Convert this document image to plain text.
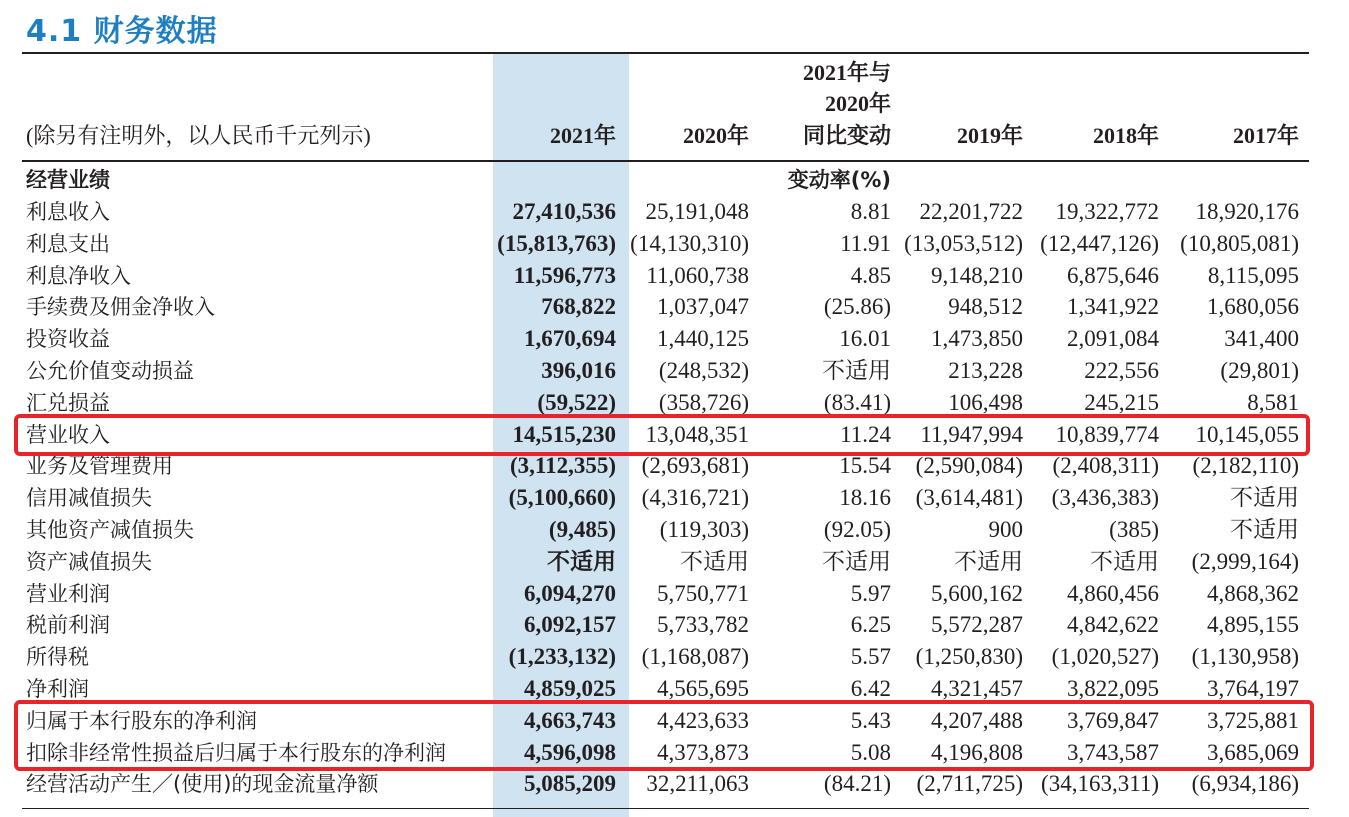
4.1 财务数据
(除另有注明外，以人民币千元列示)	2021年	2020年
2021年与
2020年
同比变动	2019年	2018年	2017年
经营业绩	变动率(%)
利息收入	27,410,536 25,191,048	8.81 22,201,722 19,322,772 18,920,176
利息支出	(15,813,763) (14,130,310)	11.91 (13,053,512) (12,447,126) (10,805,081)
利息净收入	11,596,773 11,060,738	4.85 9,148,210 6,875,646 8,115,095
手续费及佣金净收入	768,822 1,037,047	(25.86) 948,512 1,341,922 1,680,056
投资收益	1,670,694 1,440,125	16.01 1,473,850 2,091,084	341,400
公允价值变动损益	396,016 (248,532)	不适用 213,228	222,556	(29,801)
汇兑损益	(59,522) (358,726)	(83.41) 106,498	245,215	8,581
营业收入	14,515,230 13,048,351	11.24 11,947,994 10,839,774 10,145,055
业务及管理费用	(3,112,355) (2,693,681)	15.54 (2,590,084) (2,408,311) (2,182,110)
信用减值损失	(5,100,660) (4,316,721)	18.16 (3,614,481) (3,436,383)	不适用
其他资产减值损失	(9,485) (119,303)	(92.05)	900	(385)	不适用
资产减值损失	不适用	不适用	不适用	不适用	不适用 (2,999,164)
营业利润	6,094,270 5,750,771	5.97 5,600,162 4,860,456 4,868,362
税前利润	6,092,157 5,733,782	6.25 5,572,287 4,842,622 4,895,155
所得税	(1,233,132) (1,168,087)	5.57 (1,250,830) (1,020,527) (1,130,958)
净利润	4,859,025 4,565,695	6.42 4,321,457 3,822,095 3,764,197
归属于本行股东的净利润	4,663,743 4,423,633	5.43 4,207,488 3,769,847 3,725,881
扣除非经常性损益后归属于本行股东的净利润	4,596,098 4,373,873	5.08 4,196,808 3,743,587 3,685,069
经营活动产生／(使用)的现金流量净额	5,085,209 32,211,063	(84.21) (2,711,725) (34,163,311) (6,934,186)
